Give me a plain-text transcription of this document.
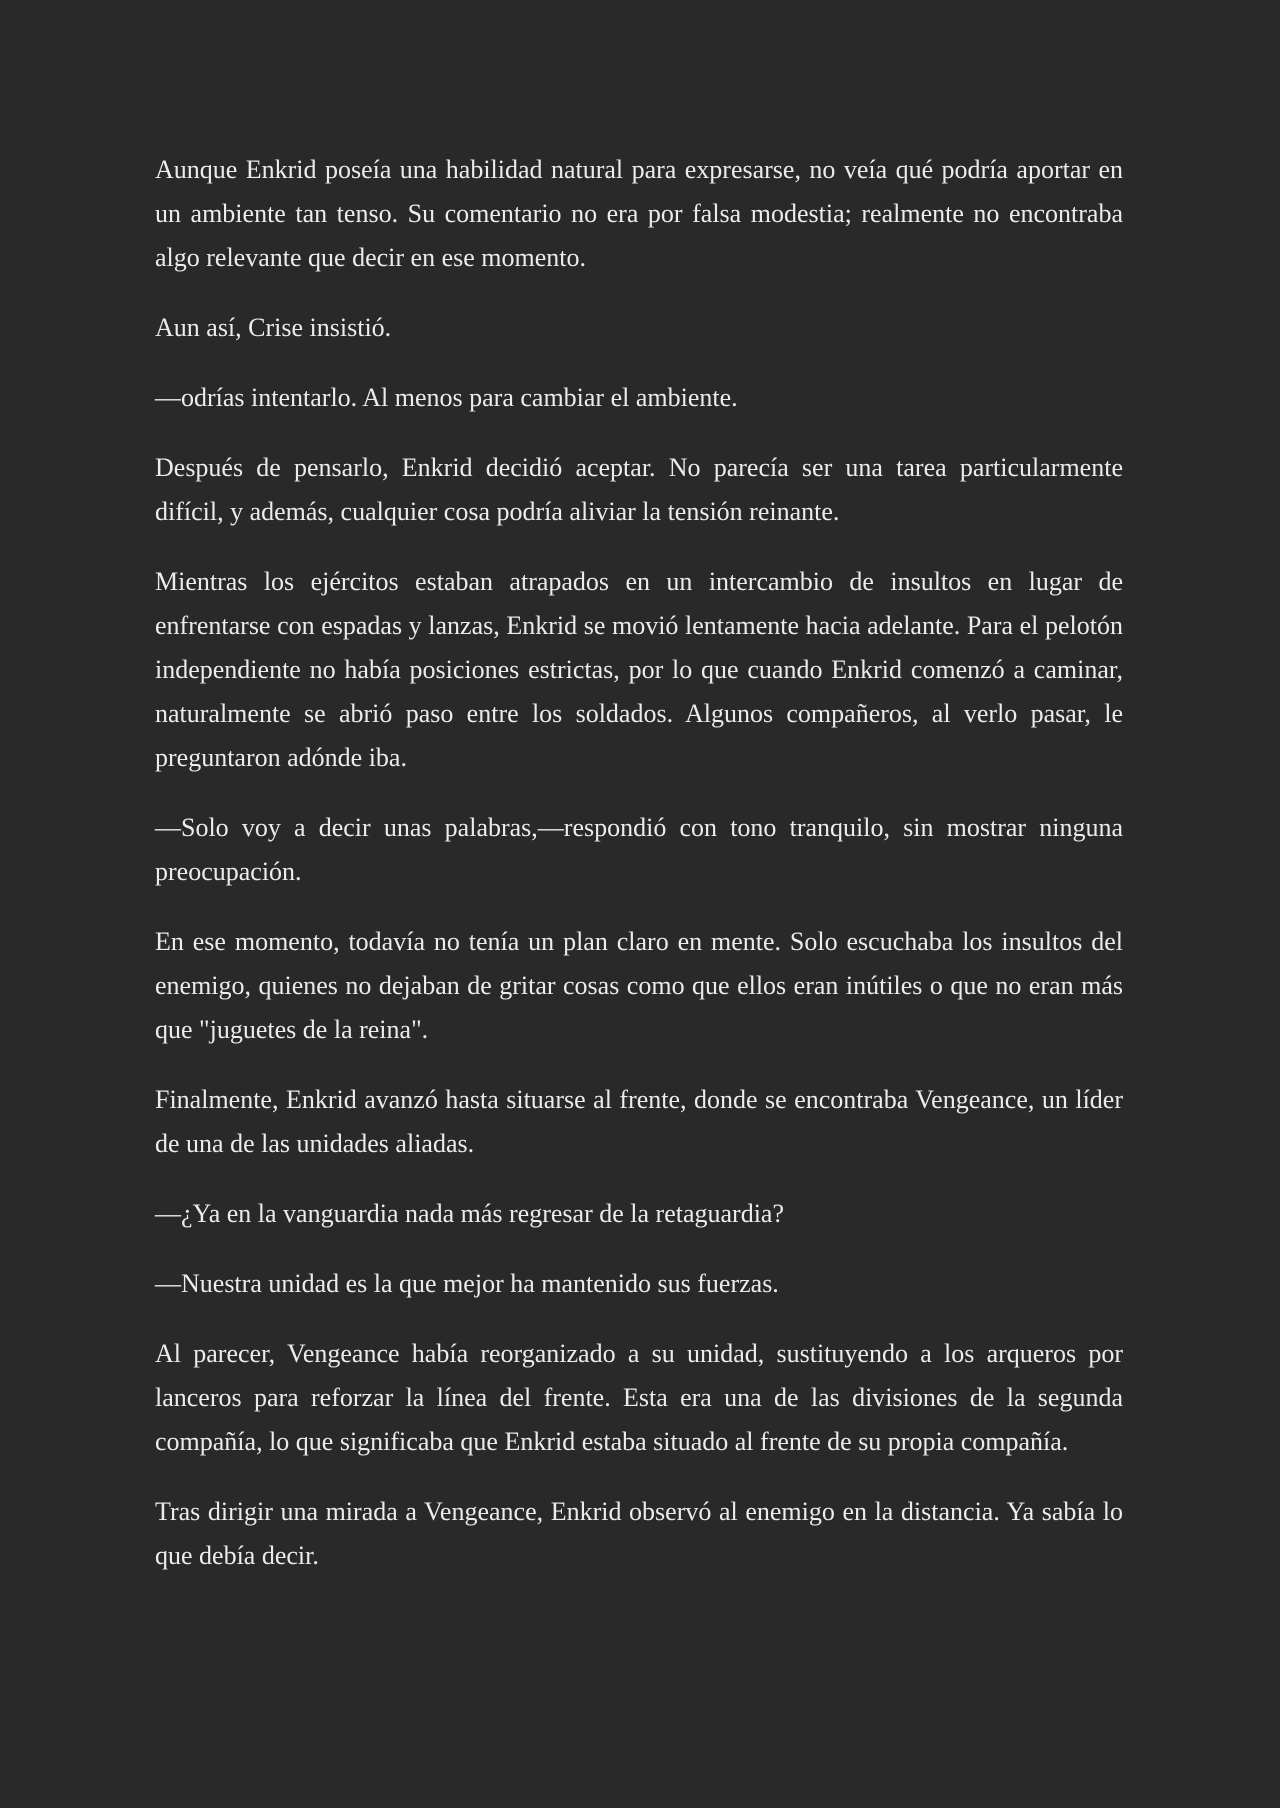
Aunque Enkrid poseía una habilidad natural para expresarse, no veía qué podría aportar en un ambiente tan tenso. Su comentario no era por falsa modestia; realmente no encontraba algo relevante que decir en ese momento.

Aun así, Crise insistió.

—odrías intentarlo. Al menos para cambiar el ambiente.

Después de pensarlo, Enkrid decidió aceptar. No parecía ser una tarea particularmente difícil, y además, cualquier cosa podría aliviar la tensión reinante.

Mientras los ejércitos estaban atrapados en un intercambio de insultos en lugar de enfrentarse con espadas y lanzas, Enkrid se movió lentamente hacia adelante. Para el pelotón independiente no había posiciones estrictas, por lo que cuando Enkrid comenzó a caminar, naturalmente se abrió paso entre los soldados. Algunos compañeros, al verlo pasar, le preguntaron adónde iba.

—Solo voy a decir unas palabras,—respondió con tono tranquilo, sin mostrar ninguna preocupación.

En ese momento, todavía no tenía un plan claro en mente. Solo escuchaba los insultos del enemigo, quienes no dejaban de gritar cosas como que ellos eran inútiles o que no eran más que "juguetes de la reina".

Finalmente, Enkrid avanzó hasta situarse al frente, donde se encontraba Vengeance, un líder de una de las unidades aliadas.

—¿Ya en la vanguardia nada más regresar de la retaguardia?

—Nuestra unidad es la que mejor ha mantenido sus fuerzas.

Al parecer, Vengeance había reorganizado a su unidad, sustituyendo a los arqueros por lanceros para reforzar la línea del frente. Esta era una de las divisiones de la segunda compañía, lo que significaba que Enkrid estaba situado al frente de su propia compañía.

Tras dirigir una mirada a Vengeance, Enkrid observó al enemigo en la distancia. Ya sabía lo que debía decir.
